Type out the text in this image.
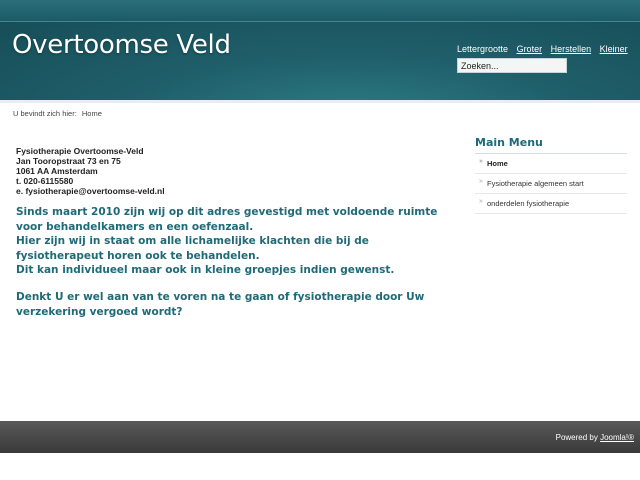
Overtoomse Veld	Lettergrootte Groter Herstellen Kleiner
Zoeken...
U bevindt zich hier: Home
Fysiotherapie Overtoomse-Veld
Jan Tooropstraat 73 en 75
1061 AA Amsterdam
t. 020-6115580
e. fysiotherapie@overtoomse-veld.nl

Sinds maart 2010 zijn wij op dit adres gevestigd met voldoende ruimte voor behandelkamers en een oefenzaal.

Hier zijn wij in staat om alle lichamelijke klachten die bij de fysiotherapeut horen ook te behandelen.

Dit kan individueel maar ook in kleine groepjes indien gewenst.

Denkt U er wel aan van te voren na te gaan of fysiotherapie door Uw verzekering vergoed wordt?

Main Menu
» Home
» Fysiotherapie algemeen start
» onderdelen fysiotherapie
Powered by Joomla!®
